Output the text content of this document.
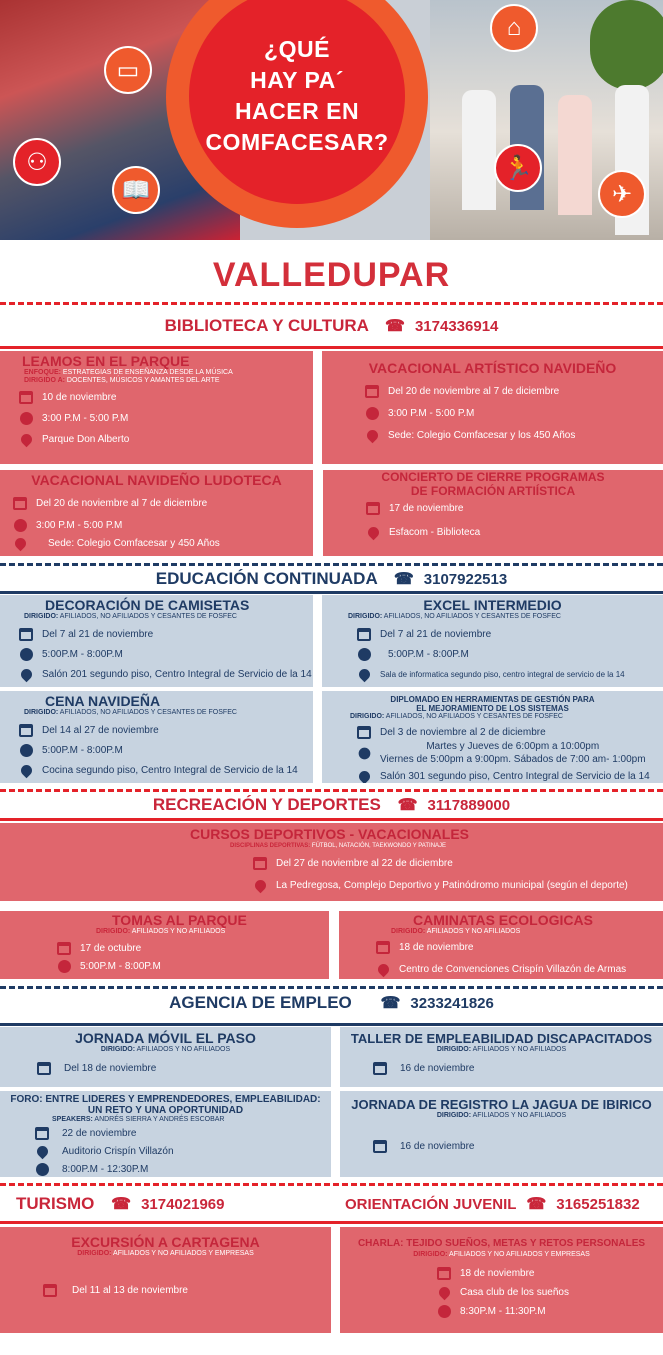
¿QUÉ
HAY PA´
HACER EN
COMFACESAR?
⌂
▭
⚇
📖
🏃
✈
VALLEDUPAR
BIBLIOTECA Y CULTURA ☎ 3174336914
LEAMOS EN EL PARQUE
ENFOQUE: ESTRATEGIAS DE ENSEÑANZA DESDE LA MÚSICA
DIRIGIDO A: DOCENTES, MÚSICOS Y AMANTES DEL ARTE
10 de noviembre
3:00 P.M - 5:00 P.M
Parque Don Alberto
VACACIONAL ARTÍSTICO NAVIDEÑO
Del 20 de noviembre al 7 de diciembre
3:00 P.M - 5:00 P.M
Sede: Colegio Comfacesar y los 450 Años
VACACIONAL NAVIDEÑO LUDOTECA
Del 20 de noviembre al 7 de diciembre
3:00 P.M - 5:00 P.M
Sede: Colegio Comfacesar y 450 Años
CONCIERTO DE CIERRE PROGRAMAS
DE FORMACIÓN ARTIÍSTICA
17 de noviembre
Esfacom - Biblioteca
EDUCACIÓN CONTINUADA ☎ 3107922513
DECORACIÓN DE CAMISETAS
DIRIGIDO: AFILIADOS, NO AFILIADOS Y CESANTES DE FOSFEC
Del 7 al 21 de noviembre
5:00P.M - 8:00P.M
Salón 201 segundo piso, Centro Integral de Servicio de la 14
EXCEL INTERMEDIO
DIRIGIDO: AFILIADOS, NO AFILIADOS Y CESANTES DE FOSFEC
Del 7 al 21 de noviembre
5:00P.M - 8:00P.M
Sala de informatica segundo piso, centro integral de servicio de la 14
CENA NAVIDEÑA
DIRIGIDO: AFILIADOS, NO AFILIADOS Y CESANTES DE FOSFEC
Del 14 al 27 de noviembre
5:00P.M - 8:00P.M
Cocina segundo piso, Centro Integral de Servicio de la 14
DIPLOMADO EN HERRAMIENTAS DE GESTIÓN PARA
EL MEJORAMIENTO DE LOS SISTEMAS
DIRIGIDO: AFILIADOS, NO AFILIADOS Y CESANTES DE FOSFEC
Del 3 de noviembre al 2 de diciembre
Martes y Jueves de 6:00pm a 10:00pm
Viernes de 5:00pm a 9:00pm. Sábados de 7:00 am- 1:00pm
Salón 301 segundo piso, Centro Integral de Servicio de la 14
RECREACIÓN Y DEPORTES ☎ 3117889000
CURSOS DEPORTIVOS - VACACIONALES
DISCIPLINAS DEPORTIVAS: FÚTBOL, NATACIÓN, TAEKWONDO Y PATINAJE
Del 27 de noviembre al 22 de diciembre
La Pedregosa, Complejo Deportivo y Patinódromo municipal (según el deporte)
TOMAS AL PARQUE
DIRIGIDO: AFILIADOS Y NO AFILIADOS
17 de octubre
5:00P.M - 8:00P.M
CAMINATAS ECOLOGICAS
DIRIGIDO: AFILIADOS Y NO AFILIADOS
18 de noviembre
Centro de Convenciones Crispín Villazón de Armas
AGENCIA DE EMPLEO ☎ 3233241826
JORNADA MÓVIL EL PASO
DIRIGIDO: AFILIADOS Y NO AFILIADOS
Del 18 de noviembre
TALLER DE EMPLEABILIDAD DISCAPACITADOS
DIRIGIDO: AFILIADOS Y NO AFILIADOS
16 de noviembre
FORO: ENTRE LIDERES Y EMPRENDEDORES, EMPLEABILIDAD:
UN RETO Y UNA OPORTUNIDAD
SPEAKERS: ANDRÉS SIERRA Y ANDRÉS ESCOBAR
22 de noviembre
Auditorio Crispín Villazón
8:00P.M - 12:30P.M
JORNADA DE REGISTRO LA JAGUA DE IBIRICO
DIRIGIDO: AFILIADOS Y NO AFILIADOS
16 de noviembre
TURISMO ☎ 3174021969	ORIENTACIÓN JUVENIL ☎ 3165251832
EXCURSIÓN A CARTAGENA
DIRIGIDO: AFILIADOS Y NO AFILIADOS Y EMPRESAS
Del 11 al 13 de noviembre
CHARLA: TEJIDO SUEÑOS, METAS Y RETOS PERSONALES
DIRIGIDO: AFILIADOS Y NO AFILIADOS Y EMPRESAS
18 de noviembre
Casa club de los sueños
8:30P.M - 11:30P.M
